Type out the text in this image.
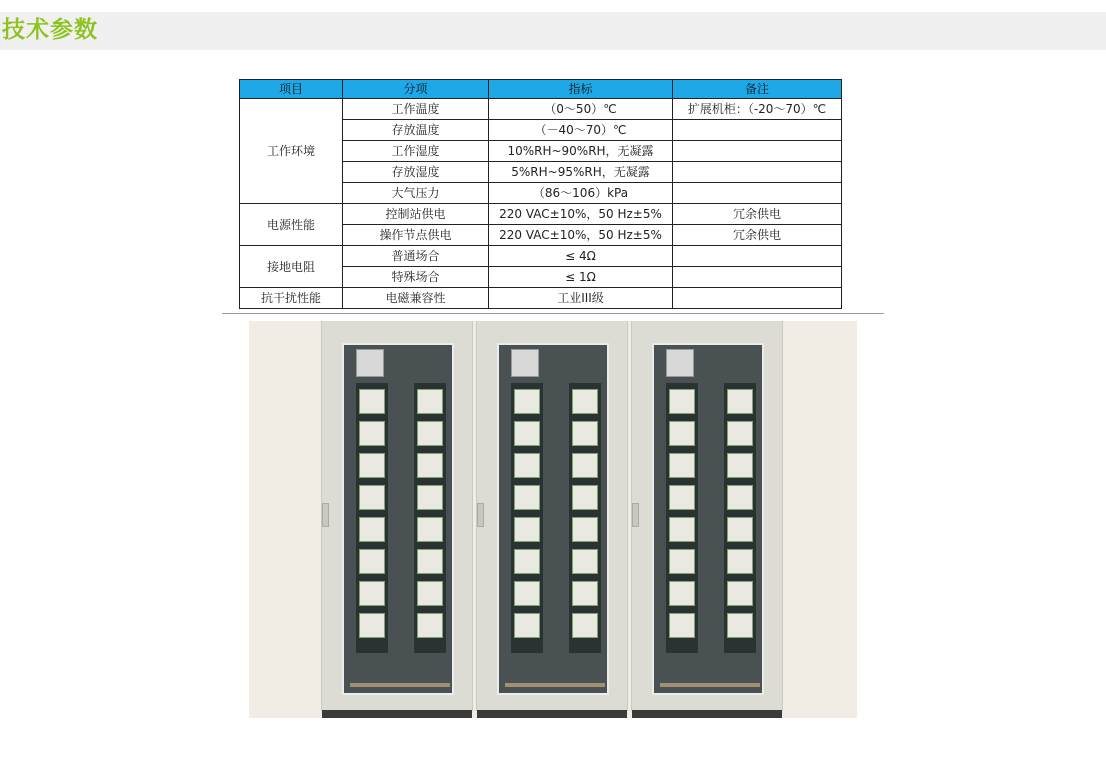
技术参数
项目	分项	指标	备注
工作环境	工作温度	（0～50）℃	扩展机柜：（-20～70）℃
	存放温度	（－40～70）℃	
	工作湿度	10%RH~90%RH，无凝露	
	存放湿度	5%RH~95%RH，无凝露	
	大气压力	（86～106）kPa	
电源性能	控制站供电	220 VAC±10%，50 Hz±5%	冗余供电
	操作节点供电	220 VAC±10%，50 Hz±5%	冗余供电
接地电阻	普通场合	≤ 4Ω	
	特殊场合	≤ 1Ω	
抗干扰性能	电磁兼容性	工业III级	
